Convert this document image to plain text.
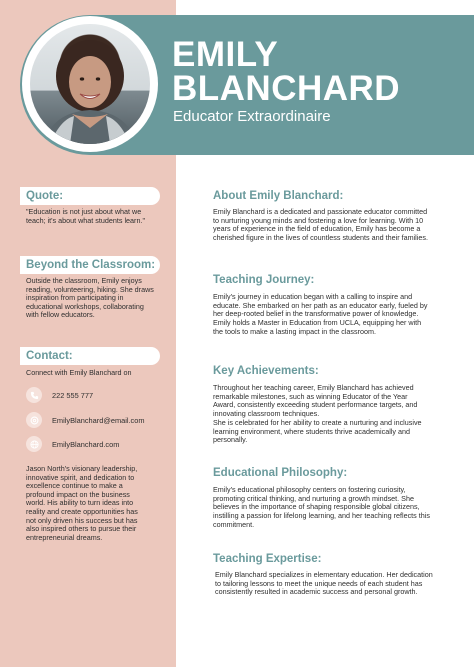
EMILY
BLANCHARD
Educator Extraordinaire
Quote:
"Education is not just about what we teach; it's about what students learn."
Beyond the Classroom:
Outside the classroom, Emily enjoys reading, volunteering, hiking. She draws inspiration from participating in educational workshops, collaborating with fellow educators.
Contact:
Connect with Emily Blanchard on
222 555 777
EmilyBlanchard@email.com
EmilyBlanchard.com
Jason North's visionary leadership, innovative spirit, and dedication to excellence continue to make a profound impact on the business world. His ability to turn ideas into reality and create opportunities has not only driven his success but has also inspired others to pursue their entrepreneurial dreams.
About Emily Blanchard:
Emily Blanchard is a dedicated and passionate educator committed to nurturing young minds and fostering a love for learning. With 10 years of experience in the field of education, Emily has become a cherished figure in the lives of countless students and their families.
Teaching Journey:
Emily's journey in education began with a calling to inspire and educate. She embarked on her path as an educator early, fueled by her deep-rooted belief in the transformative power of knowledge. Emily holds a Master in Education from UCLA, equipping her with the tools to make a lasting impact in the classroom.
Key Achievements:

Throughout her teaching career, Emily Blanchard has achieved remarkable milestones, such as winning Educator of the Year Award, consistently exceeding student performance targets, and innovating classroom techniques.

She is celebrated for her ability to create a nurturing and inclusive learning environment, where students thrive academically and personally.

Educational Philosophy:
Emily's educational philosophy centers on fostering curiosity, promoting critical thinking, and nurturing a growth mindset. She believes in the importance of shaping responsible global citizens, instilling a passion for lifelong learning, and her teaching reflects this commitment.
Teaching Expertise:
Emily Blanchard specializes in elementary education. Her dedication to tailoring lessons to meet the unique needs of each student has consistently resulted in academic success and personal growth.
